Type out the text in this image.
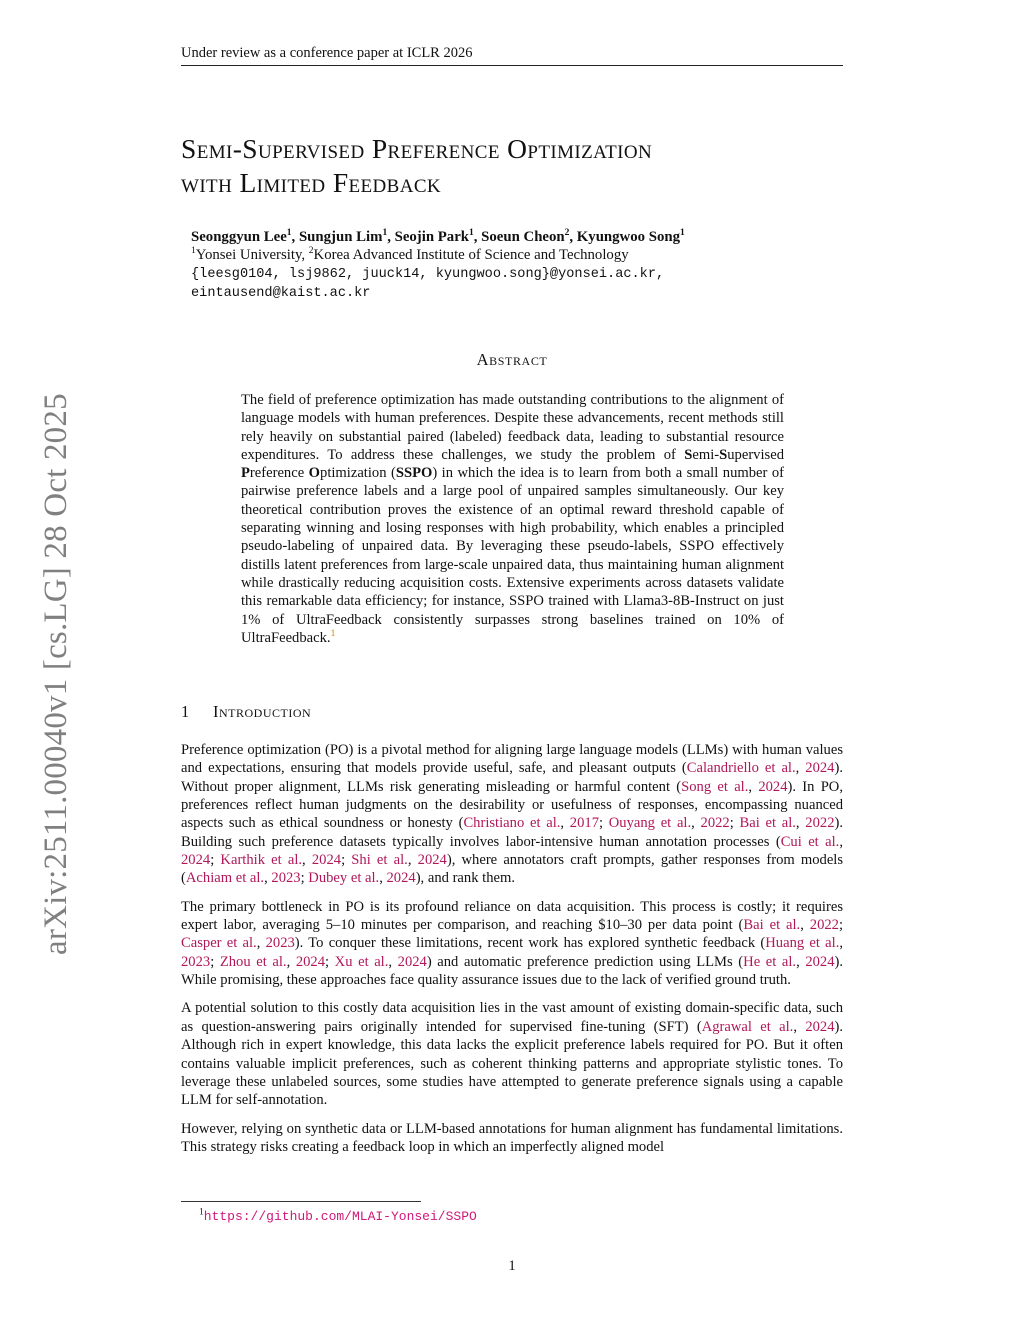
Under review as a conference paper at ICLR 2026
arXiv:2511.00040v1 [cs.LG] 28 Oct 2025
Semi-Supervised Preference Optimization
with Limited Feedback
Seonggyun Lee$^1$, Sungjun Lim$^1$, Seojin Park$^1$, Soeun Cheon$^2$, Kyungwoo Song$^1$
$^1$Yonsei University, $^2$Korea Advanced Institute of Science and Technology
{leesg0104, lsj9862, juuck14, kyungwoo.song}@yonsei.ac.kr,
eintausend@kaist.ac.kr
Abstract
The field of preference optimization has made outstanding contributions to the alignment of language models with human preferences. Despite these advancements, recent methods still rely heavily on substantial paired (labeled) feedback data, leading to substantial resource expenditures. To address these challenges, we study the problem of Semi-Supervised Preference Optimization (SSPO) in which the idea is to learn from both a small number of pairwise preference labels and a large pool of unpaired samples simultaneously. Our key theoretical contribution proves the existence of an optimal reward threshold capable of separating winning and losing responses with high probability, which enables a principled pseudo-labeling of unpaired data. By leveraging these pseudo-labels, SSPO effectively distills latent preferences from large-scale unpaired data, thus maintaining human alignment while drastically reducing acquisition costs. Extensive experiments across datasets validate this remarkable data efficiency; for instance, SSPO trained with Llama3-8B-Instruct on just 1% of UltraFeedback consistently surpasses strong baselines trained on 10% of UltraFeedback.$^1$
1 Introduction

Preference optimization (PO) is a pivotal method for aligning large language models (LLMs) with human values and expectations, ensuring that models provide useful, safe, and pleasant outputs (Calandriello et al., 2024). Without proper alignment, LLMs risk generating misleading or harmful content (Song et al., 2024). In PO, preferences reflect human judgments on the desirability or usefulness of responses, encompassing nuanced aspects such as ethical soundness or honesty (Christiano et al., 2017; Ouyang et al., 2022; Bai et al., 2022). Building such preference datasets typically involves labor-intensive human annotation processes (Cui et al., 2024; Karthik et al., 2024; Shi et al., 2024), where annotators craft prompts, gather responses from models (Achiam et al., 2023; Dubey et al., 2024), and rank them.

The primary bottleneck in PO is its profound reliance on data acquisition. This process is costly; it requires expert labor, averaging 5–10 minutes per comparison, and reaching $10–30 per data point (Bai et al., 2022; Casper et al., 2023). To conquer these limitations, recent work has explored synthetic feedback (Huang et al., 2023; Zhou et al., 2024; Xu et al., 2024) and automatic preference prediction using LLMs (He et al., 2024). While promising, these approaches face quality assurance issues due to the lack of verified ground truth.

A potential solution to this costly data acquisition lies in the vast amount of existing domain-specific data, such as question-answering pairs originally intended for supervised fine-tuning (SFT) (Agrawal et al., 2024). Although rich in expert knowledge, this data lacks the explicit preference labels required for PO. But it often contains valuable implicit preferences, such as coherent thinking patterns and appropriate stylistic tones. To leverage these unlabeled sources, some studies have attempted to generate preference signals using a capable LLM for self-annotation.

However, relying on synthetic data or LLM-based annotations for human alignment has fundamental limitations. This strategy risks creating a feedback loop in which an imperfectly aligned model

$^1$https://github.com/MLAI-Yonsei/SSPO
1
